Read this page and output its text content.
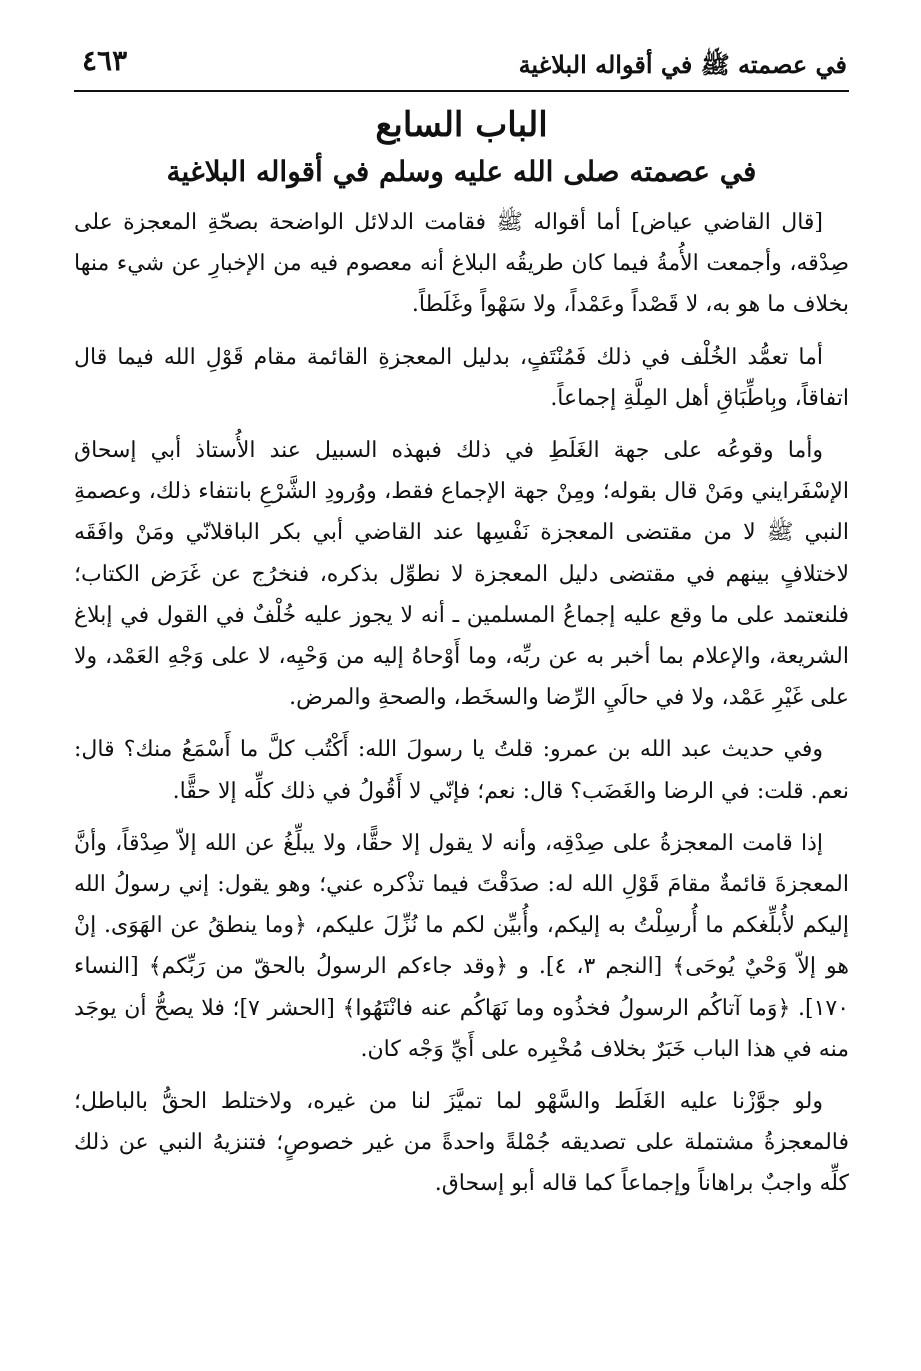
في عصمته ﷺ في أقواله البلاغية
٤٦٣
الباب السابع
في عصمته صلى الله عليه وسلم في أقواله البلاغية

[قال القاضي عياض] أما أقواله ﷺ فقامت الدلائل الواضحة بصحّةِ المعجزة على صِدْقه، وأجمعت الأُمةُ فيما كان طريقُه البلاغ أنه معصوم فيه من الإخبارِ عن شيء منها بخلاف ما هو به، لا قَصْداً وعَمْداً، ولا سَهْواً وغَلَطاً.

أما تعمُّد الخُلْف في ذلك فَمُنْتَفٍ، بدليل المعجزةِ القائمة مقام قَوْلِ الله فيما قال اتفاقاً، وبِاطِّبَاقِ أهل المِلَّةِ إجماعاً.

وأما وقوعُه على جهة الغَلَطِ في ذلك فبهذه السبيل عند الأُستاذ أبي إسحاق الإسْفَرايني ومَنْ قال بقوله؛ ومِنْ جهة الإجماع فقط، ووُرودِ الشَّرْعِ بانتفاء ذلك، وعصمةِ النبي ﷺ لا من مقتضى المعجزة نَفْسِها عند القاضي أبي بكر الباقلانّي ومَنْ وافَقَه لاختلافٍ بينهم في مقتضى دليل المعجزة لا نطوِّل بذكره، فنخرُج عن غَرَض الكتاب؛ فلنعتمد على ما وقع عليه إجماعُ المسلمين ـ أنه لا يجوز عليه خُلْفٌ في القول في إبلاغ الشريعة، والإعلام بما أخبر به عن ربِّه، وما أَوْحاهُ إليه من وَحْيِه، لا على وَجْهِ العَمْد، ولا على غَيْرِ عَمْد، ولا في حالَيِ الرِّضا والسخَط، والصحةِ والمرض.

وفي حديث عبد الله بن عمرو: قلتُ يا رسولَ الله: أَكْتُب كلَّ ما أَسْمَعُ منك؟ قال: نعم. قلت: في الرضا والغَضَب؟ قال: نعم؛ فإنّي لا أَقُولُ في ذلك كلِّه إلا حقًّا.

إذا قامت المعجزةُ على صِدْقِه، وأنه لا يقول إلا حقًّا، ولا يبلِّغُ عن الله إلاّ صِدْقاً، وأنَّ المعجزةَ قائمةٌ مقامَ قَوْلِ الله له: صدَقْتَ فيما تذْكره عني؛ وهو يقول: إني رسولُ الله إليكم لأُبلِّغكم ما أُرسِلْتُ به إليكم، وأُبيِّن لكم ما نُزِّلَ عليكم، ﴿وما ينطقُ عن الهَوَى. إنْ هو إلاّ وَحْيٌ يُوحَى﴾ [النجم ٣، ٤]. و ﴿وقد جاءكم الرسولُ بالحقّ من رَبِّكم﴾ [النساء ١٧٠]. ﴿وَما آتاكُم الرسولُ فخذُوه وما نَهَاكُم عنه فانْتَهُوا﴾ [الحشر ٧]؛ فلا يصحُّ أن يوجَد منه في هذا الباب خَبَرٌ بخلاف مُخْبِره على أَيِّ وَجْه كان.

ولو جوَّزْنا عليه الغَلَط والسَّهْو لما تميَّزَ لنا من غيره، ولاختلط الحقُّ بالباطل؛ فالمعجزةُ مشتملة على تصديقه جُمْلةً واحدةً من غير خصوصٍ؛ فتنزيهُ النبي عن ذلك كلِّه واجبٌ براهاناً وإجماعاً كما قاله أبو إسحاق.
